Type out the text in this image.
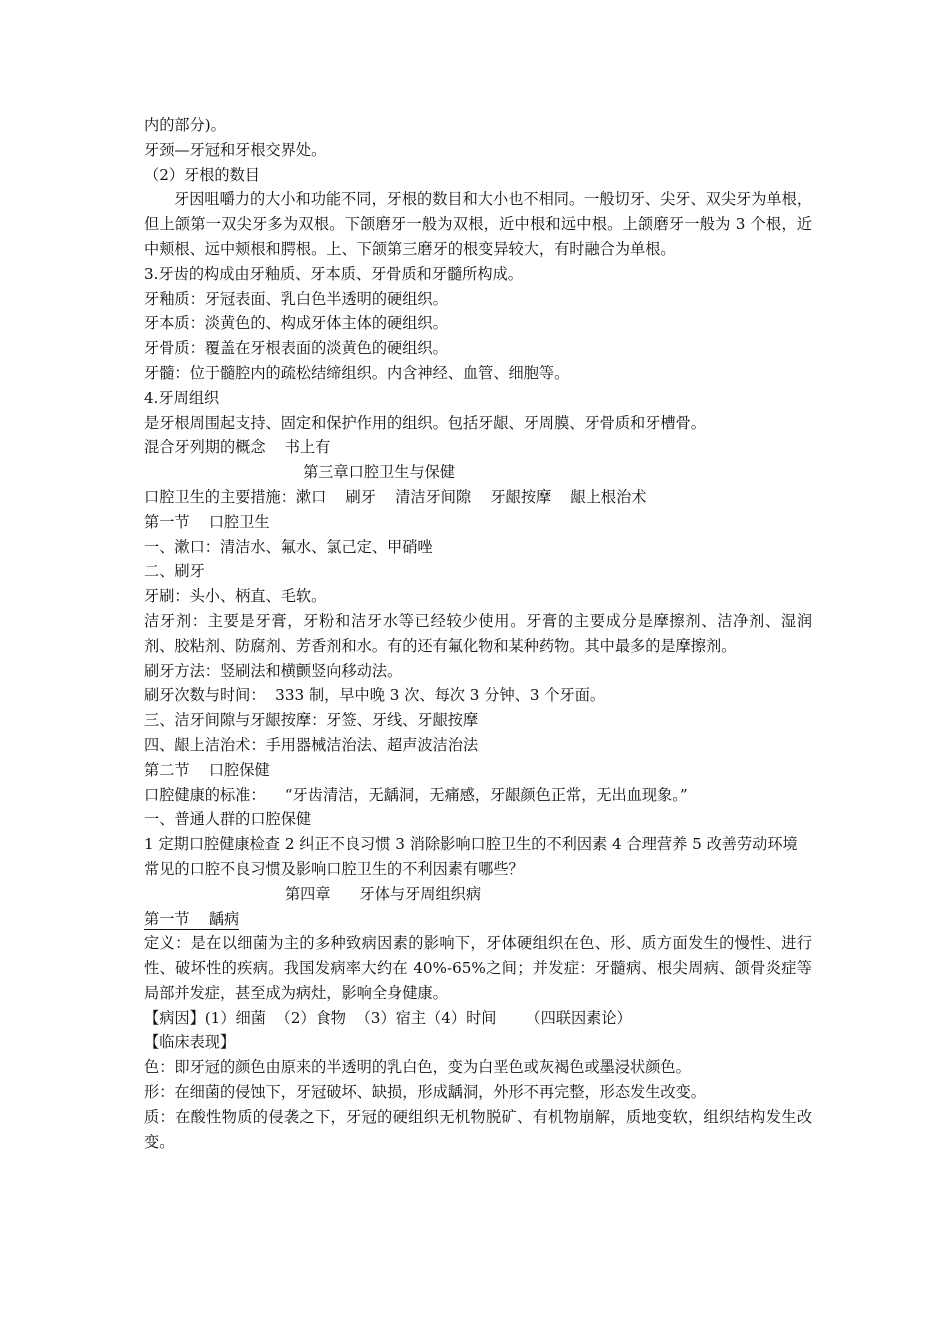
内的部分)。
牙颈—牙冠和牙根交界处。
（2）牙根的数目
牙因咀嚼力的大小和功能不同，牙根的数目和大小也不相同。一般切牙、尖牙、双尖牙为单根，但上颌第一双尖牙多为双根。下颌磨牙一般为双根，近中根和远中根。上颌磨牙一般为 3 个根，近中颊根、远中颊根和腭根。上、下颌第三磨牙的根变异较大，有时融合为单根。
3.牙齿的构成由牙釉质、牙本质、牙骨质和牙髓所构成。
牙釉质：牙冠表面、乳白色半透明的硬组织。
牙本质：淡黄色的、构成牙体主体的硬组织。
牙骨质：覆盖在牙根表面的淡黄色的硬组织。
牙髓：位于髓腔内的疏松结缔组织。内含神经、血管、细胞等。
4.牙周组织
是牙根周围起支持、固定和保护作用的组织。包括牙龈、牙周膜、牙骨质和牙槽骨。
混合牙列期的概念    书上有
第三章口腔卫生与保健
口腔卫生的主要措施：漱口    刷牙    清洁牙间隙    牙龈按摩    龈上根治术
第一节    口腔卫生
一、漱口：清洁水、氟水、氯己定、甲硝唑
二、刷牙
牙刷：头小、柄直、毛软。
洁牙剂：主要是牙膏，牙粉和洁牙水等已经较少使用。牙膏的主要成分是摩擦剂、洁净剂、湿润剂、胶粘剂、防腐剂、芳香剂和水。有的还有氟化物和某种药物。其中最多的是摩擦剂。
刷牙方法：竖刷法和横颤竖向移动法。
刷牙次数与时间：  333 制，早中晚 3 次、每次 3 分钟、3 个牙面。
三、洁牙间隙与牙龈按摩：牙签、牙线、牙龈按摩
四、龈上洁治术：手用器械洁治法、超声波洁治法
第二节    口腔保健
口腔健康的标准：    “牙齿清洁，无龋洞，无痛感，牙龈颜色正常，无出血现象。”
一、普通人群的口腔保健
1 定期口腔健康检查 2 纠正不良习惯 3 消除影响口腔卫生的不利因素 4 合理营养 5 改善劳动环境
常见的口腔不良习惯及影响口腔卫生的不利因素有哪些？
第四章      牙体与牙周组织病
第一节    龋病
定义：是在以细菌为主的多种致病因素的影响下，牙体硬组织在色、形、质方面发生的慢性、进行性、破坏性的疾病。我国发病率大约在 40%-65%之间；并发症：牙髓病、根尖周病、颌骨炎症等局部并发症，甚至成为病灶，影响全身健康。
【病因】(1）细菌  （2）食物  （3）宿主（4）时间      （四联因素论）
【临床表现】
色：即牙冠的颜色由原来的半透明的乳白色，变为白垩色或灰褐色或墨浸状颜色。
形：在细菌的侵蚀下，牙冠破坏、缺损，形成龋洞，外形不再完整，形态发生改变。
质：在酸性物质的侵袭之下，牙冠的硬组织无机物脱矿、有机物崩解，质地变软，组织结构发生改变。
